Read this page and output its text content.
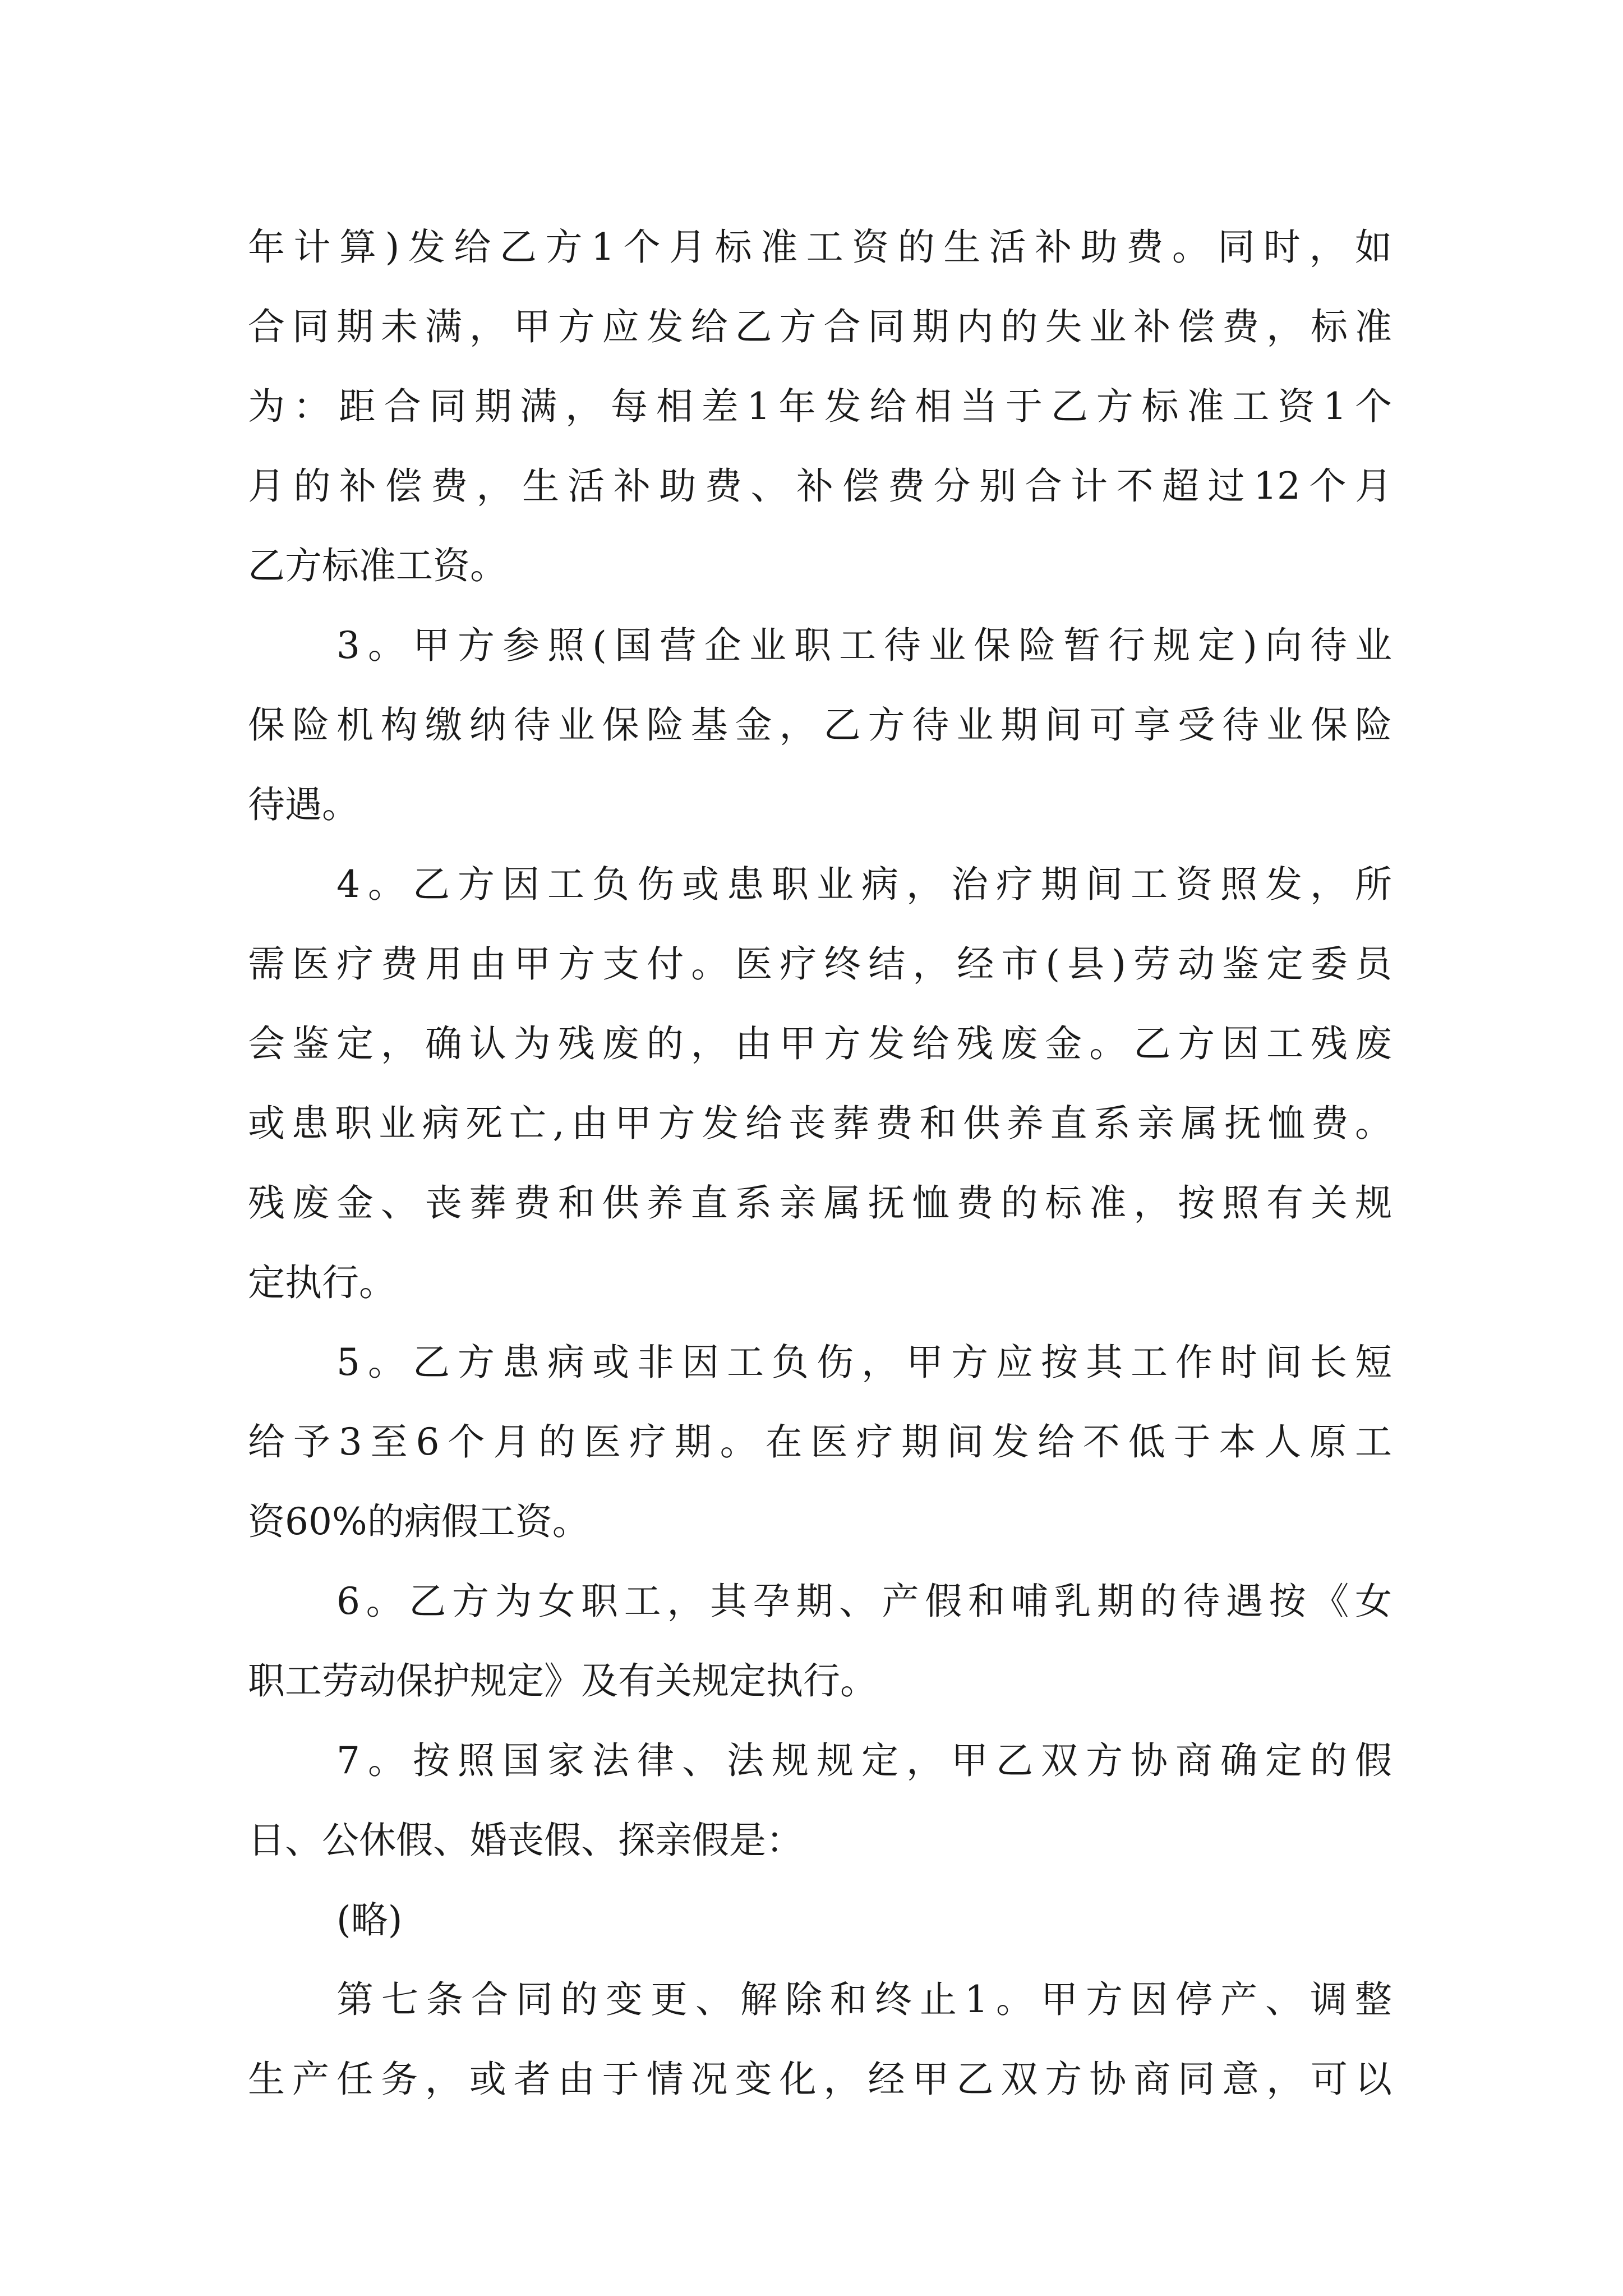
年计算)发给乙方1个月标准工资的生活补助费。同时，如
合同期未满，甲方应发给乙方合同期内的失业补偿费，标准
为：距合同期满，每相差1年发给相当于乙方标准工资1个
月的补偿费，生活补助费、补偿费分别合计不超过12个月
乙方标准工资。
3。甲方参照(国营企业职工待业保险暂行规定)向待业
保险机构缴纳待业保险基金，乙方待业期间可享受待业保险
待遇。
4。乙方因工负伤或患职业病，治疗期间工资照发，所
需医疗费用由甲方支付。医疗终结，经市(县)劳动鉴定委员
会鉴定，确认为残废的，由甲方发给残废金。乙方因工残废
或患职业病死亡,由甲方发给丧葬费和供养直系亲属抚恤费。
残废金、丧葬费和供养直系亲属抚恤费的标准，按照有关规
定执行。
5。乙方患病或非因工负伤，甲方应按其工作时间长短
给予3至6个月的医疗期。在医疗期间发给不低于本人原工
资60%的病假工资。
6。乙方为女职工，其孕期、产假和哺乳期的待遇按《女
职工劳动保护规定》及有关规定执行。
7。按照国家法律、法规规定，甲乙双方协商确定的假
日、公休假、婚丧假、探亲假是：
(略)
第七条合同的变更、解除和终止1。甲方因停产、调整
生产任务，或者由于情况变化，经甲乙双方协商同意，可以
